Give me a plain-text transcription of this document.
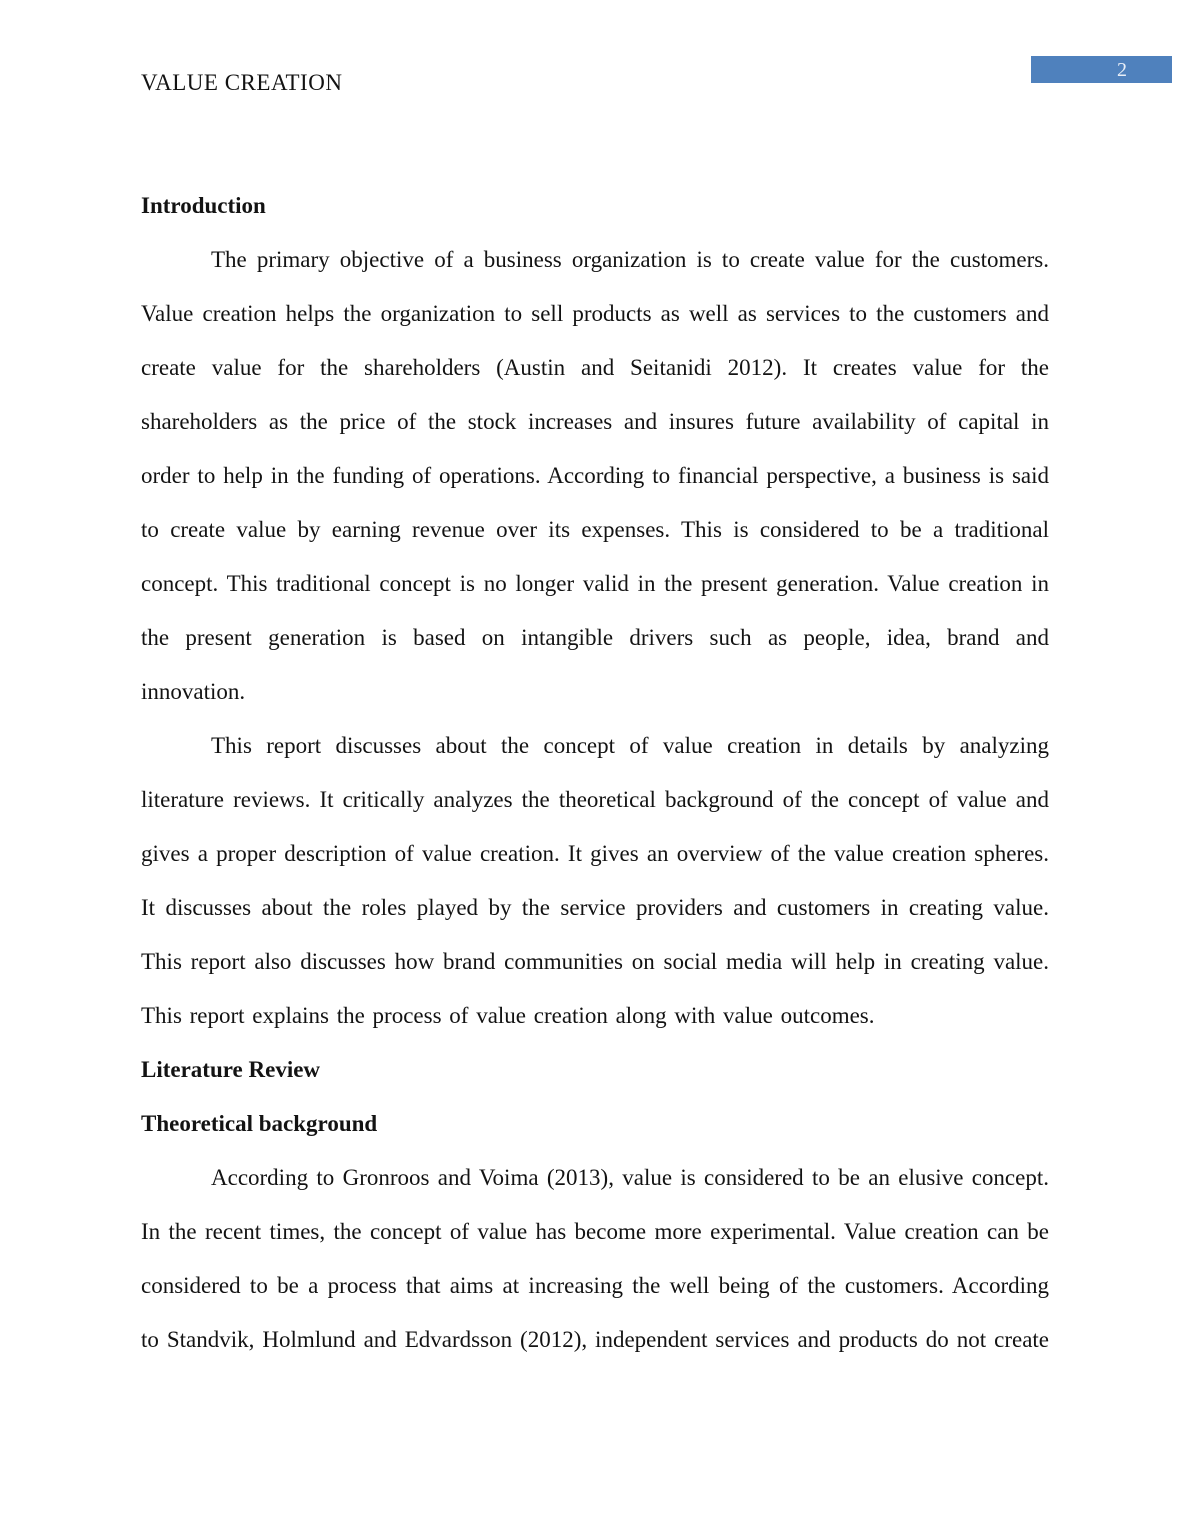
VALUE CREATION
2
Introduction

The primary objective of a business organization is to create value for the customers. Value creation helps the organization to sell products as well as services to the customers and create value for the shareholders (Austin and Seitanidi 2012). It creates value for the shareholders as the price of the stock increases and insures future availability of capital in order to help in the funding of operations. According to financial perspective, a business is said to create value by earning revenue over its expenses. This is considered to be a traditional concept. This traditional concept is no longer valid in the present generation. Value creation in the present generation is based on intangible drivers such as people, idea, brand and innovation.

This report discusses about the concept of value creation in details by analyzing literature reviews. It critically analyzes the theoretical background of the concept of value and gives a proper description of value creation. It gives an overview of the value creation spheres. It discusses about the roles played by the service providers and customers in creating value. This report also discusses how brand communities on social media will help in creating value. This report explains the process of value creation along with value outcomes.

Literature Review
Theoretical background

According to Gronroos and Voima (2013), value is considered to be an elusive concept. In the recent times, the concept of value has become more experimental. Value creation can be considered to be a process that aims at increasing the well being of the customers. According to Standvik, Holmlund and Edvardsson (2012), independent services and products do not create
